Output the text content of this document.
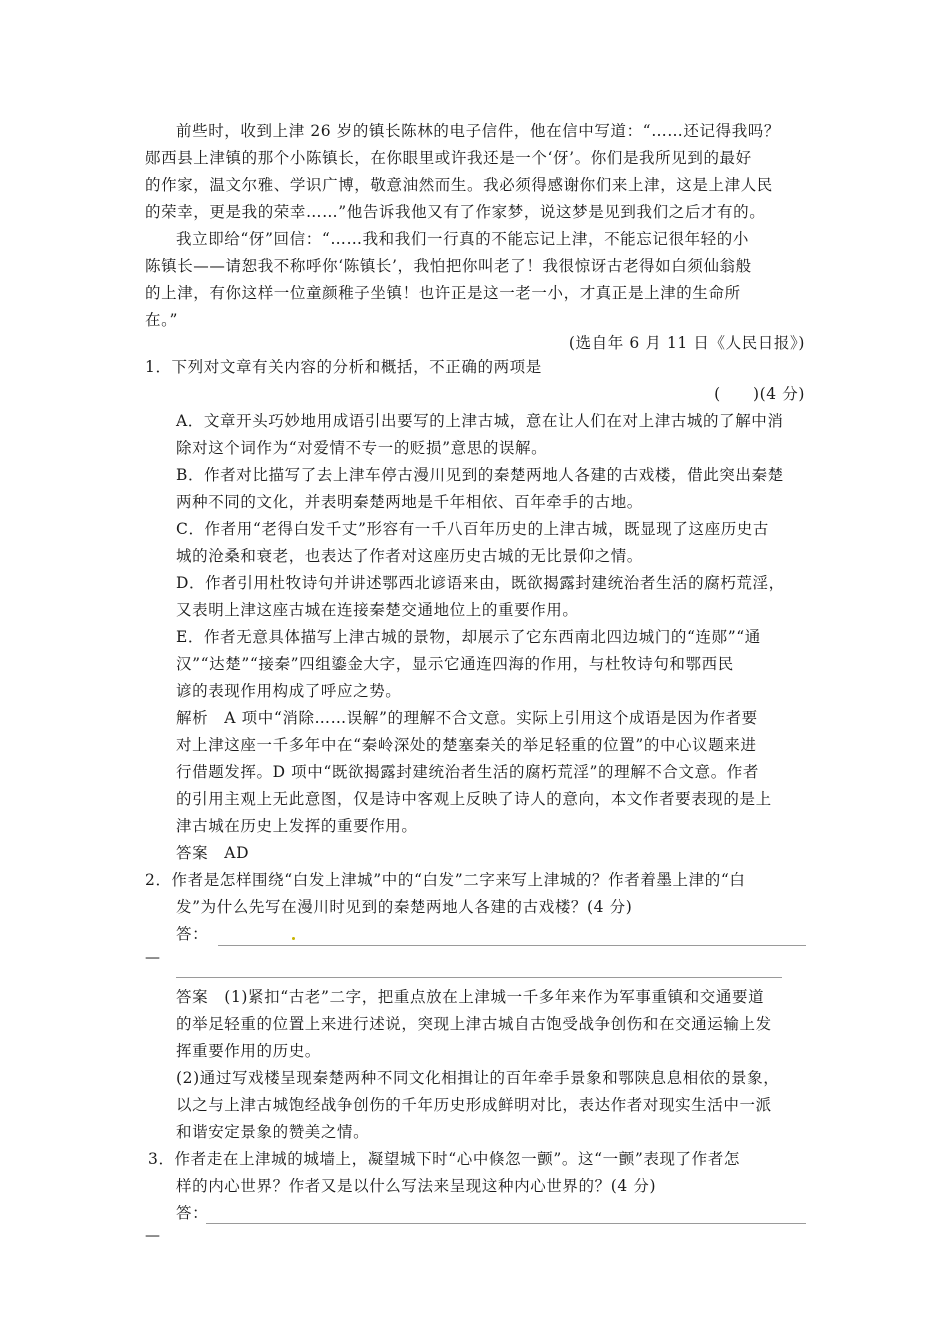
前些时，收到上津 26 岁的镇长陈林的电子信件，他在信中写道：“……还记得我吗？
郧西县上津镇的那个小陈镇长，在你眼里或许我还是一个‘伢’。你们是我所见到的最好
的作家，温文尔雅、学识广博，敬意油然而生。我必须得感谢你们来上津，这是上津人民
的荣幸，更是我的荣幸……”他告诉我他又有了作家梦，说这梦是见到我们之后才有的。
我立即给“伢”回信：“……我和我们一行真的不能忘记上津，不能忘记很年轻的小
陈镇长——请恕我不称呼你‘陈镇长’，我怕把你叫老了！我很惊讶古老得如白须仙翁般
的上津，有你这样一位童颜稚子坐镇！也许正是这一老一小，才真正是上津的生命所
在。”
(选自年 6 月 11 日《人民日报》)
1．下列对文章有关内容的分析和概括，不正确的两项是
(　　)(4 分)
A．文章开头巧妙地用成语引出要写的上津古城，意在让人们在对上津古城的了解中消
除对这个词作为“对爱情不专一的贬损”意思的误解。
B．作者对比描写了去上津车停古漫川见到的秦楚两地人各建的古戏楼，借此突出秦楚
两种不同的文化，并表明秦楚两地是千年相依、百年牵手的古地。
C．作者用“老得白发千丈”形容有一千八百年历史的上津古城，既显现了这座历史古
城的沧桑和衰老，也表达了作者对这座历史古城的无比景仰之情。
D．作者引用杜牧诗句并讲述鄂西北谚语来由，既欲揭露封建统治者生活的腐朽荒淫，
又表明上津这座古城在连接秦楚交通地位上的重要作用。
E．作者无意具体描写上津古城的景物，却展示了它东西南北四边城门的“连郧”“通
汉”“达楚”“接秦”四组鎏金大字，显示它通连四海的作用，与杜牧诗句和鄂西民
谚的表现作用构成了呼应之势。
解析　A 项中“消除……误解”的理解不合文意。实际上引用这个成语是因为作者要
对上津这座一千多年中在“秦岭深处的楚塞秦关的举足轻重的位置”的中心议题来进
行借题发挥。D 项中“既欲揭露封建统治者生活的腐朽荒淫”的理解不合文意。作者
的引用主观上无此意图，仅是诗中客观上反映了诗人的意向，本文作者要表现的是上
津古城在历史上发挥的重要作用。
答案　AD
2．作者是怎样围绕“白发上津城”中的“白发”二字来写上津城的？作者着墨上津的“白
发”为什么先写在漫川时见到的秦楚两地人各建的古戏楼？(4 分)
答：
—
答案　(1)紧扣“古老”二字，把重点放在上津城一千多年来作为军事重镇和交通要道
的举足轻重的位置上来进行述说，突现上津古城自古饱受战争创伤和在交通运输上发
挥重要作用的历史。
(2)通过写戏楼呈现秦楚两种不同文化相揖让的百年牵手景象和鄂陕息息相依的景象，
以之与上津古城饱经战争创伤的千年历史形成鲜明对比，表达作者对现实生活中一派
和谐安定景象的赞美之情。
3．作者走在上津城的城墙上，凝望城下时“心中倏忽一颤”。这“一颤”表现了作者怎
样的内心世界？作者又是以什么写法来呈现这种内心世界的？(4 分)
答：
—
